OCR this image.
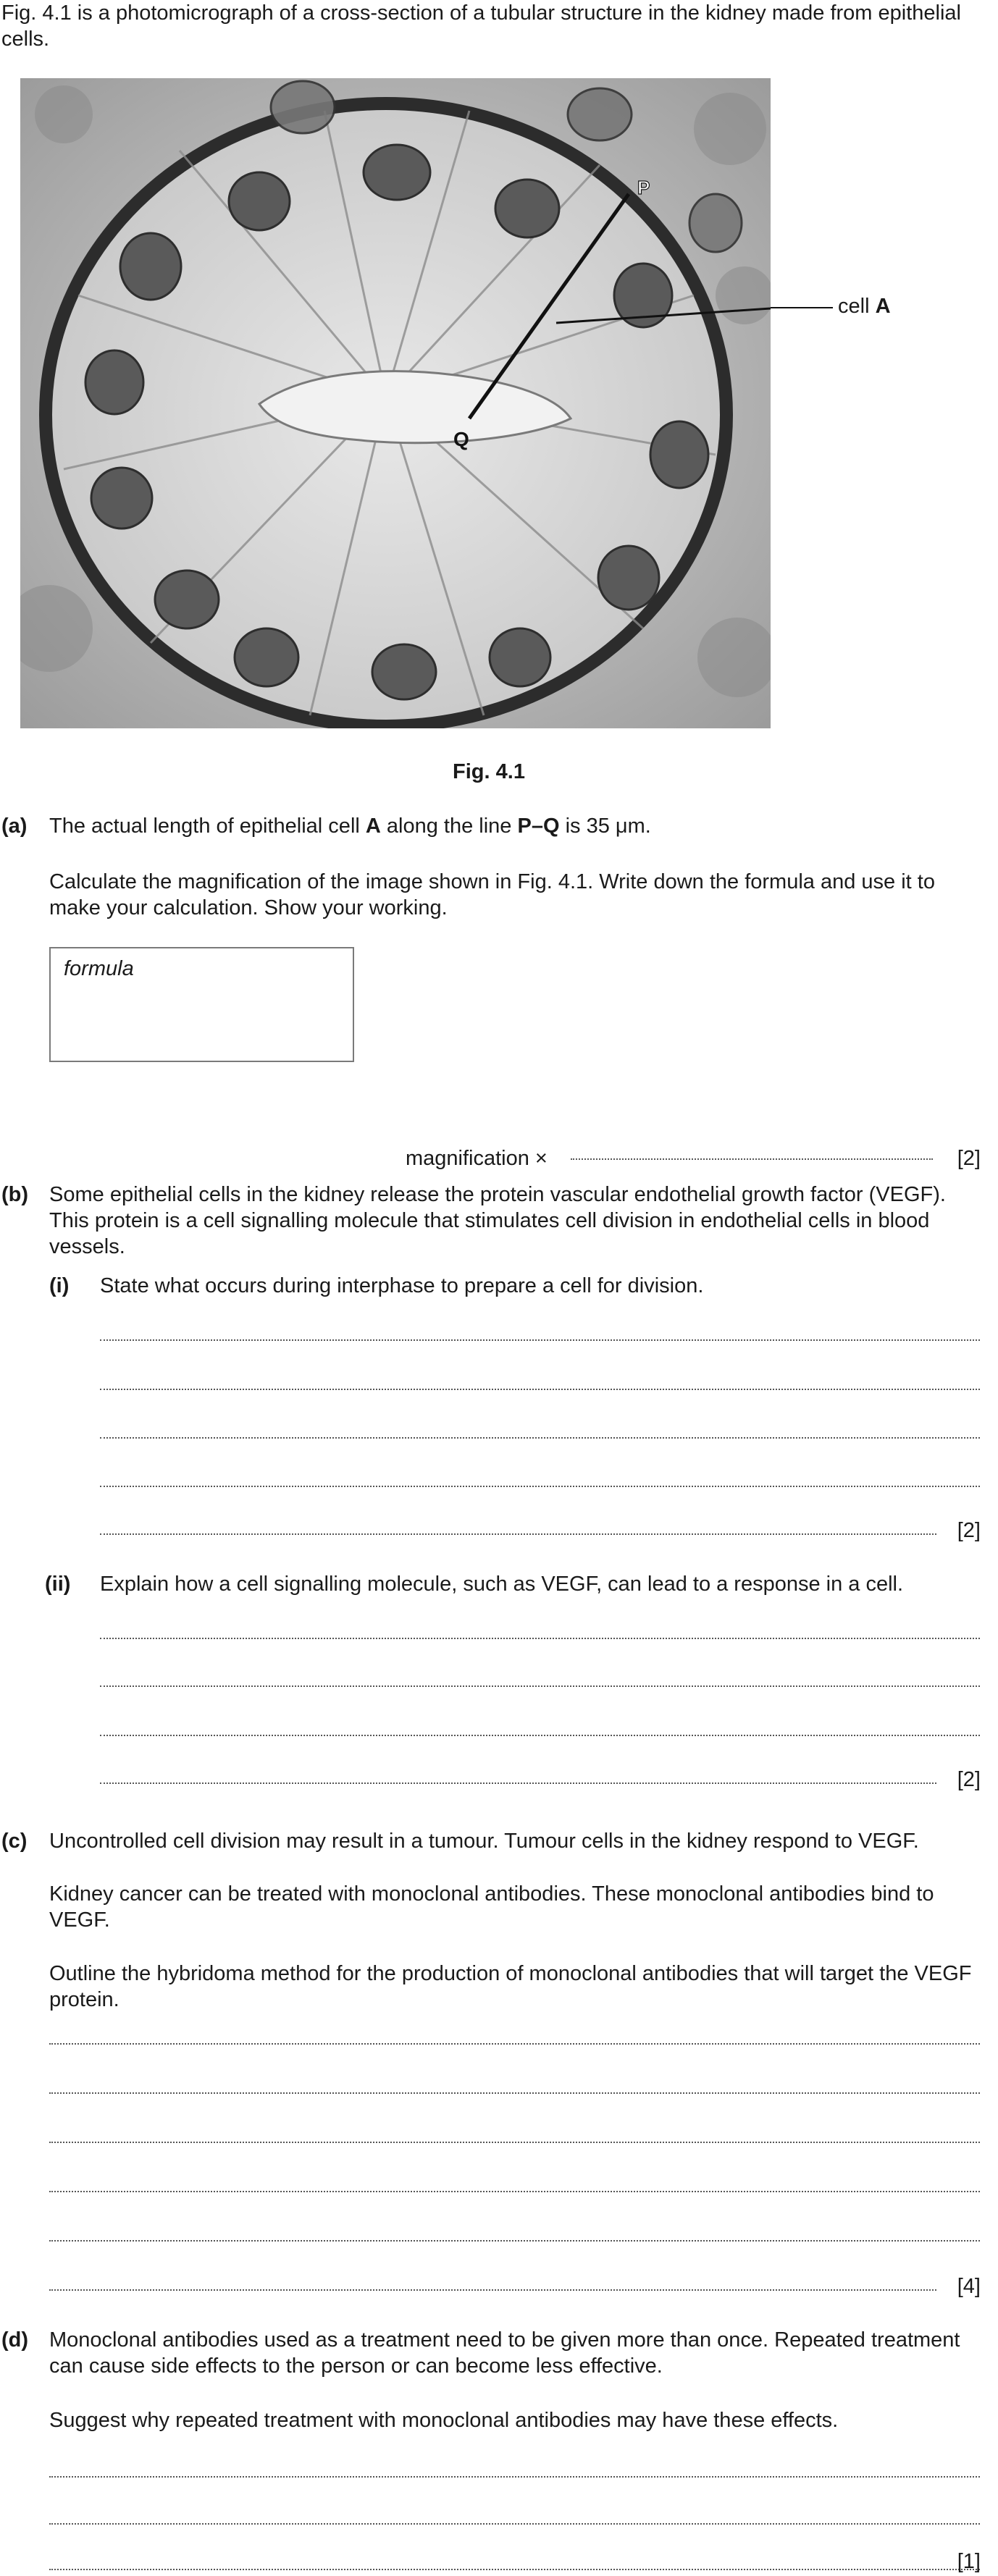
Fig. 4.1 is a photomicrograph of a cross-section of a tubular structure in the kidney made from epithelial cells.
P
Q
cell A
Fig. 4.1
(a) The actual length of epithelial cell A along the line P–Q is 35 μm.
Calculate the magnification of the image shown in Fig. 4.1. Write down the formula and use it to make your calculation. Show your working.
formula
magnification ×	[2]
(b) Some epithelial cells in the kidney release the protein vascular endothelial growth factor (VEGF). This protein is a cell signalling molecule that stimulates cell division in endothelial cells in blood vessels.
(i) State what occurs during interphase to prepare a cell for division.
[2]
(ii) Explain how a cell signalling molecule, such as VEGF, can lead to a response in a cell.
[2]
(c) Uncontrolled cell division may result in a tumour. Tumour cells in the kidney respond to VEGF.
Kidney cancer can be treated with monoclonal antibodies. These monoclonal antibodies bind to VEGF.
Outline the hybridoma method for the production of monoclonal antibodies that will target the VEGF protein.
[4]
(d) Monoclonal antibodies used as a treatment need to be given more than once. Repeated treatment can cause side effects to the person or can become less effective.
Suggest why repeated treatment with monoclonal antibodies may have these effects.
[1]
